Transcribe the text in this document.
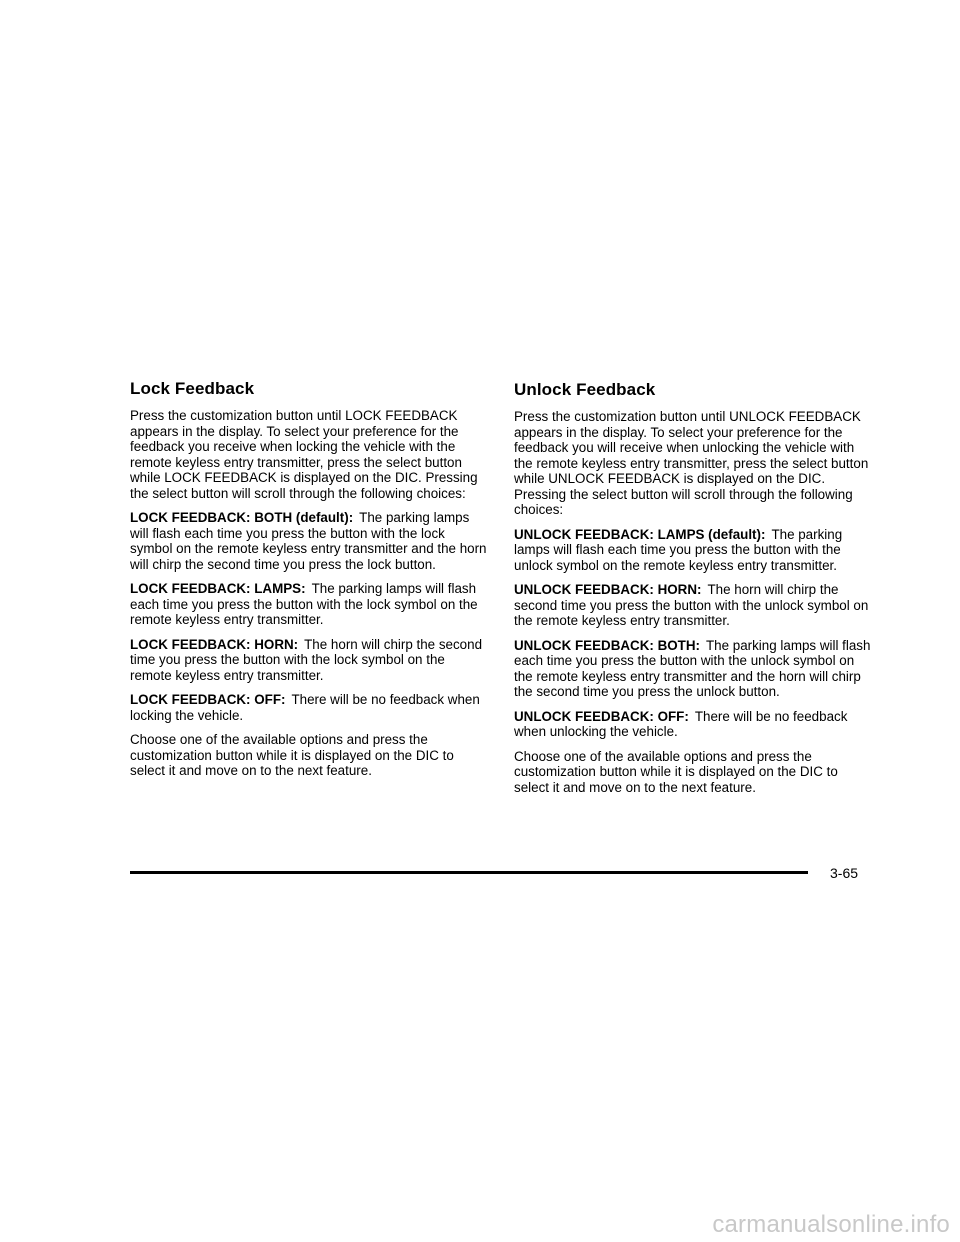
Lock Feedback

Press the customization button until LOCK FEEDBACK appears in the display. To select your preference for the feedback you receive when locking the vehicle with the remote keyless entry transmitter, press the select button while LOCK FEEDBACK is displayed on the DIC. Pressing the select button will scroll through the following choices:

LOCK FEEDBACK: BOTH (default): The parking lamps will flash each time you press the button with the lock symbol on the remote keyless entry transmitter and the horn will chirp the second time you press the lock button.

LOCK FEEDBACK: LAMPS: The parking lamps will flash each time you press the button with the lock symbol on the remote keyless entry transmitter.

LOCK FEEDBACK: HORN: The horn will chirp the second time you press the button with the lock symbol on the remote keyless entry transmitter.

LOCK FEEDBACK: OFF: There will be no feedback when locking the vehicle.

Choose one of the available options and press the customization button while it is displayed on the DIC to select it and move on to the next feature.

Unlock Feedback

Press the customization button until UNLOCK FEEDBACK appears in the display. To select your preference for the feedback you will receive when unlocking the vehicle with the remote keyless entry transmitter, press the select button while UNLOCK FEEDBACK is displayed on the DIC. Pressing the select button will scroll through the following choices:

UNLOCK FEEDBACK: LAMPS (default): The parking lamps will flash each time you press the button with the unlock symbol on the remote keyless entry transmitter.

UNLOCK FEEDBACK: HORN: The horn will chirp the second time you press the button with the unlock symbol on the remote keyless entry transmitter.

UNLOCK FEEDBACK: BOTH: The parking lamps will flash each time you press the button with the unlock symbol on the remote keyless entry transmitter and the horn will chirp the second time you press the unlock button.

UNLOCK FEEDBACK: OFF: There will be no feedback when unlocking the vehicle.

Choose one of the available options and press the customization button while it is displayed on the DIC to select it and move on to the next feature.

3-65
carmanualsonline.info
